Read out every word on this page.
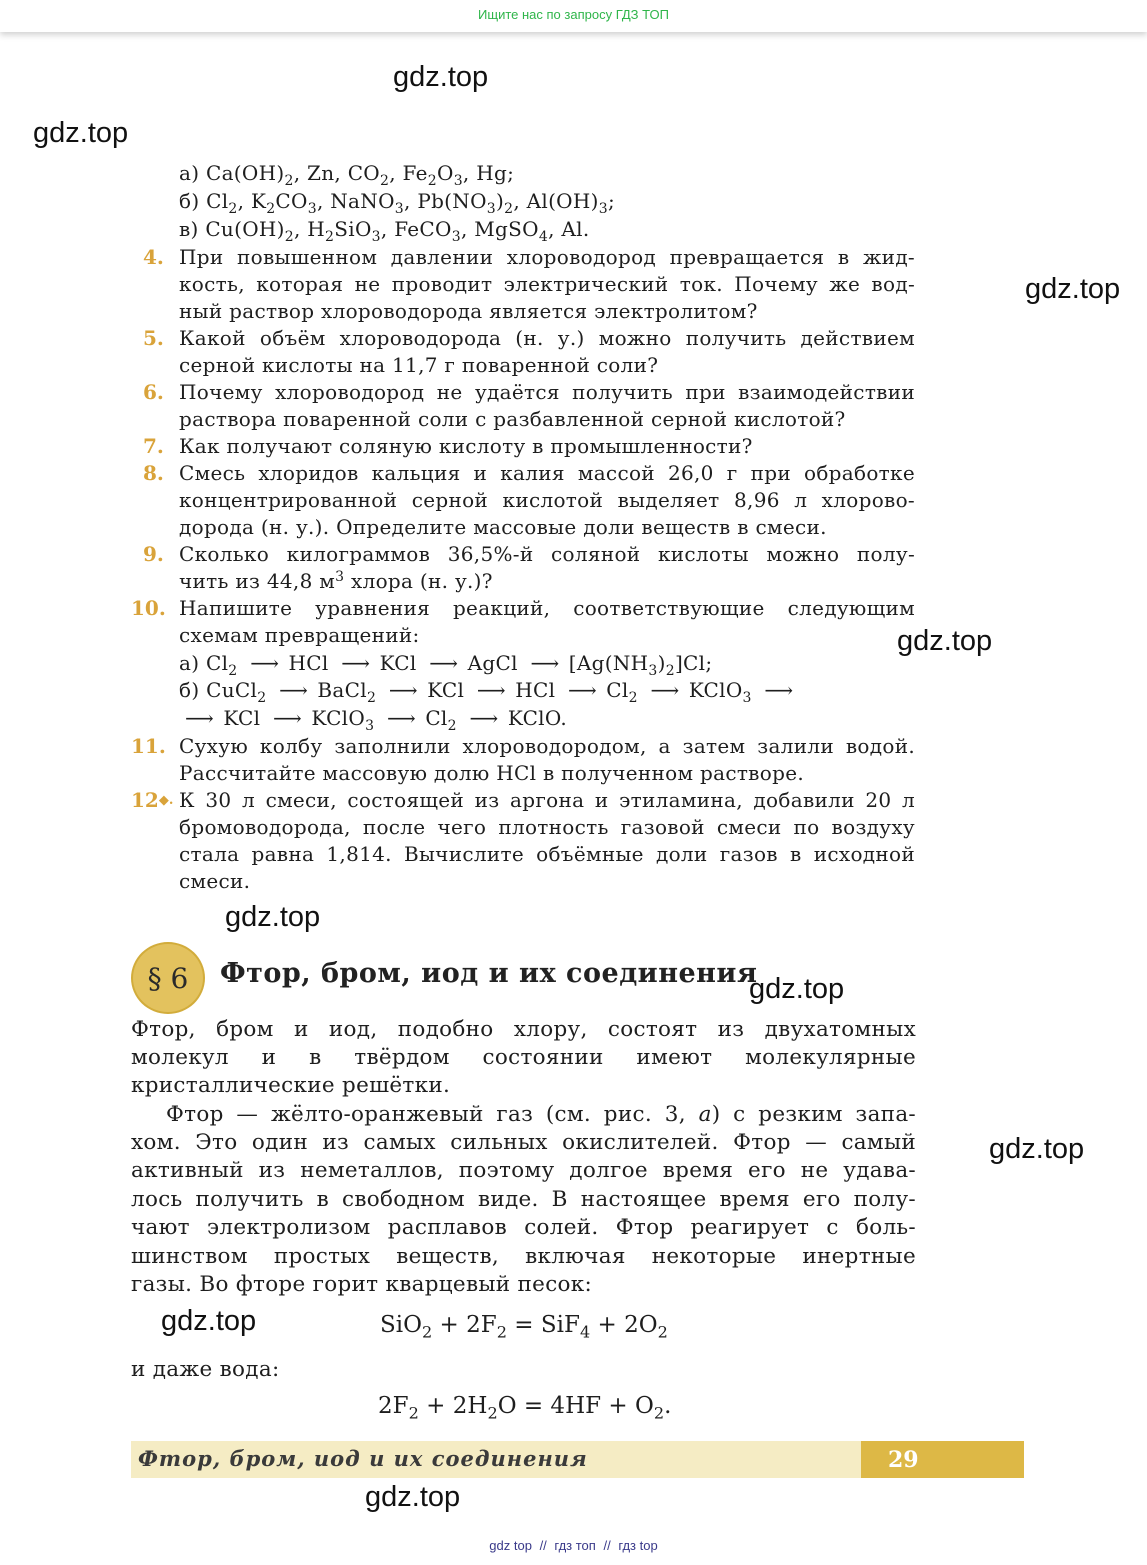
Ищите нас по запросу ГДЗ ТОП
gdz.top
gdz.top
gdz.top
gdz.top
gdz.top
gdz.top
gdz.top
gdz.top
gdz.top
а) $Ca(OH)_2$, Zn, $CO_2$, $Fe_2O_3$, Hg;
б) $Cl_2$, $K_2CO_3$, NaNO$_3$, $Pb(NO_3)_2$, $Al(OH)_3$;
в) $Cu(OH)_2$, $H_2SiO_3$, FeCO$_3$, MgSO$_4$, Al.
4. При повышенном давлении хлороводород превращается в жид-
кость, которая не проводит электрический ток. Почему же вод-
ный раствор хлороводорода является электролитом?
5. Какой объём хлороводорода (н. у.) можно получить действием
серной кислоты на 11,7 г поваренной соли?
6. Почему хлороводород не удаётся получить при взаимодействии
раствора поваренной соли с разбавленной серной кислотой?
7. Как получают соляную кислоту в промышленности?
8. Смесь хлоридов кальция и калия массой 26,0 г при обработке
концентрированной серной кислотой выделяет 8,96 л хлорово-
дорода (н. у.). Определите массовые доли веществ в смеси.
9. Сколько килограммов 36,5%-й соляной кислоты можно полу-
чить из 44,8 $м^3$ хлора (н. у.)?
10. Напишите уравнения реакций, соответствующие следующим
схемам превращений:
а) $Cl_2$ ⟶ HCl ⟶ KCl ⟶ AgCl ⟶ $[Ag(NH_3)_2]Cl$;
б) CuCl$_2$ ⟶ BaCl$_2$ ⟶ KCl ⟶ HCl ⟶ $Cl_2$ ⟶ KClO$_3$ ⟶
⟶ KCl ⟶ KClO$_3$ ⟶ $Cl_2$ ⟶ KClO.
11. Сухую колбу заполнили хлороводородом, а затем залили водой.
Рассчитайте массовую долю HCl в полученном растворе.
12◆. К 30 л смеси, состоящей из аргона и этиламина, добавили 20 л
бромоводорода, после чего плотность газовой смеси по воздуху
стала равна 1,814. Вычислите объёмные доли газов в исходной
смеси.
§ 6 Фтор, бром, иод и их соединения
Фтор, бром и иод, подобно хлору, состоят из двухатомных
молекул и в твёрдом состоянии имеют молекулярные
кристаллические решётки.
Фтор — жёлто-оранжевый газ (см. рис. 3, а) с резким запа-
хом. Это один из самых сильных окислителей. Фтор — самый
активный из неметаллов, поэтому долгое время его не удава-
лось получить в свободном виде. В настоящее время его полу-
чают электролизом расплавов солей. Фтор реагирует с боль-
шинством простых веществ, включая некоторые инертные
газы. Во фторе горит кварцевый песок:
$SiO_2 + 2F_2 = SiF_4 + 2O_2$
и даже вода:
$2F_2 + 2H_2O = 4HF + O_2$.
Фтор, бром, иод и их соединения	29
gdz top // гдз топ // гдз top
